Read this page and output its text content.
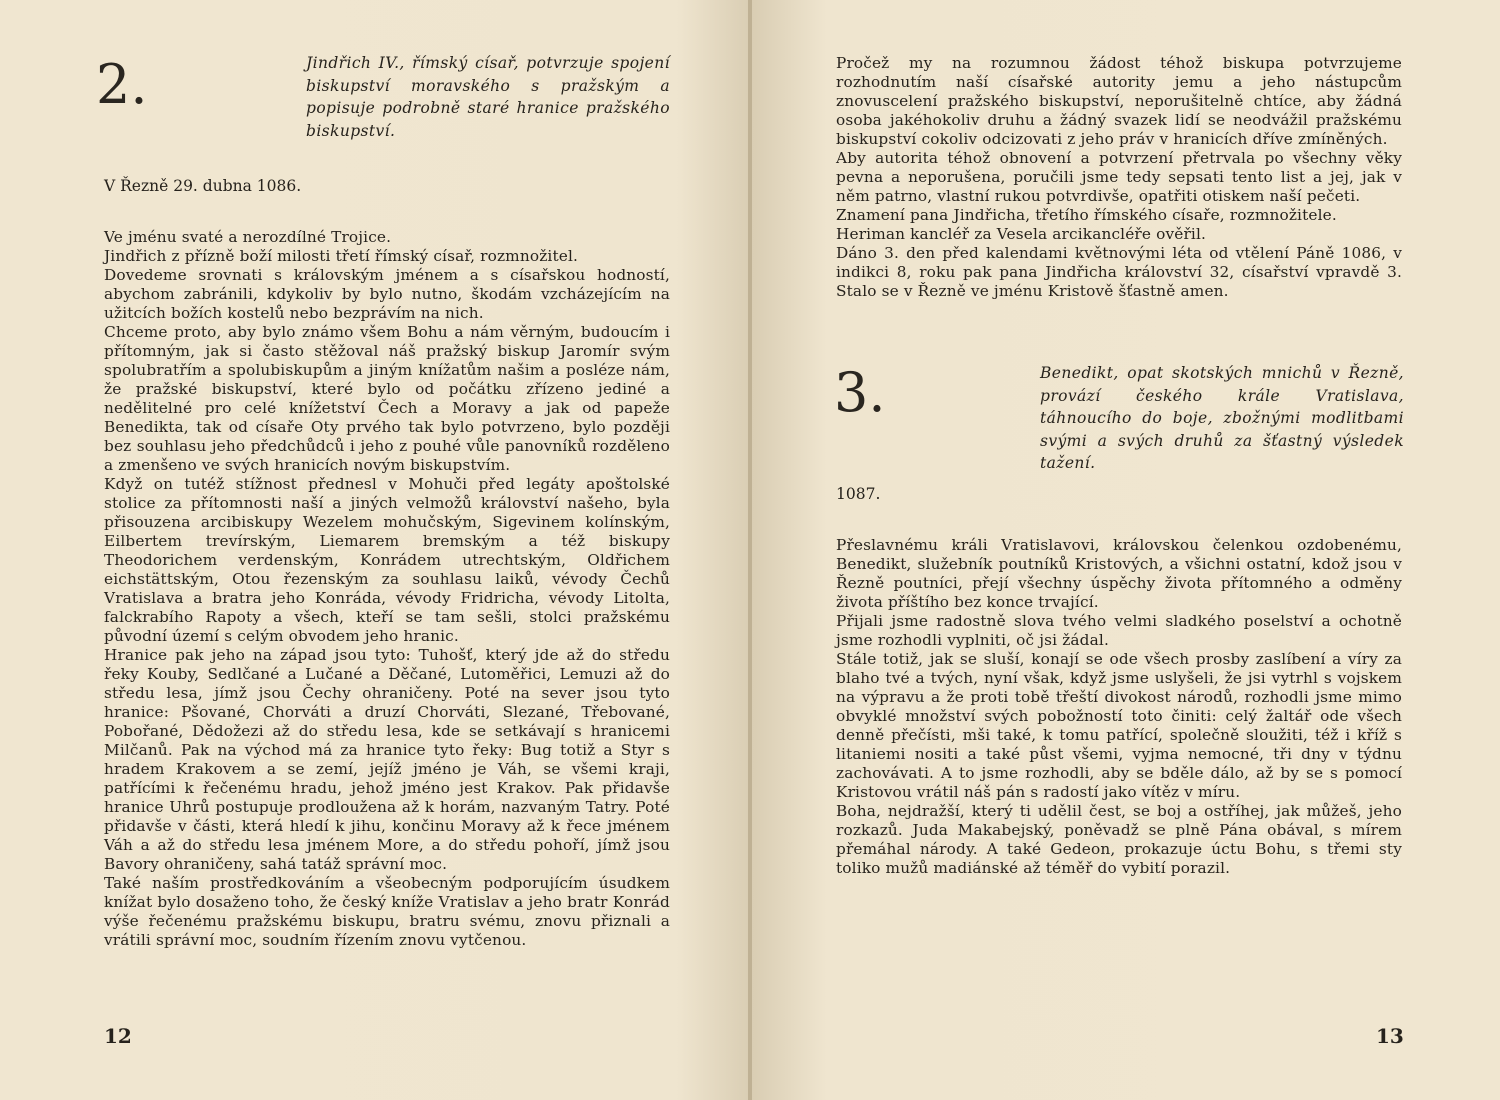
2.	Jindřich IV., římský císař, potvrzuje spojení biskupství moravského s pražským a popisuje podrobně staré hranice pražského biskupství.
V Řezně 29. dubna 1086.

Ve jménu svaté a nerozdílné Trojice.

Jindřich z přízně boží milosti třetí římský císař, rozmnožitel.

Dovedeme srovnati s královským jménem a s císařskou hodností, abychom zabránili, kdykoliv by bylo nutno, škodám vzcházejícím na užitcích božích kostelů nebo bezprávím na nich.

Chceme proto, aby bylo známo všem Bohu a nám věrným, budoucím i přítomným, jak si často stěžoval náš pražský biskup Jaromír svým spolubratřím a spolubiskupům a jiným knížatům našim a posléze nám, že pražské biskupství, které bylo od počátku zřízeno jediné a nedělitelné pro celé knížetství Čech a Moravy a jak od papeže Benedikta, tak od císaře Oty prvého tak bylo potvrzeno, bylo později bez souhlasu jeho předchůdců i jeho z pouhé vůle panovníků rozděleno a zmenšeno ve svých hranicích novým biskupstvím.

Když on tutéž stížnost přednesl v Mohuči před legáty apoštolské stolice za přítomnosti naší a jiných velmožů království našeho, byla přisouzena arcibiskupy Wezelem mohučským, Sigevinem kolínským, Eilbertem trevírským, Liemarem bremským a též biskupy Theodorichem verdenským, Konrádem utrechtským, Oldřichem eichstättským, Otou řezenským za souhlasu laiků, vévody Čechů Vratislava a bratra jeho Konráda, vévody Fridricha, vévody Litolta, falckrabího Rapoty a všech, kteří se tam sešli, stolci pražskému původní území s celým obvodem jeho hranic.

Hranice pak jeho na západ jsou tyto: Tuhošť, který jde až do středu řeky Kouby, Sedlčané a Lučané a Děčané, Lutoměřici, Lemuzi až do středu lesa, jímž jsou Čechy ohraničeny. Poté na sever jsou tyto hranice: Pšované, Chorváti a druzí Chorváti, Slezané, Třebované, Pobořané, Dědožezi až do středu lesa, kde se setkávají s hranicemi Milčanů. Pak na východ má za hranice tyto řeky: Bug totiž a Styr s hradem Krakovem a se zemí, jejíž jméno je Váh, se všemi kraji, patřícími k řečenému hradu, jehož jméno jest Krakov. Pak přidavše hranice Uhrů postupuje prodloužena až k horám, nazvaným Tatry. Poté přidavše v části, která hledí k jihu, končinu Moravy až k řece jménem Váh a až do středu lesa jménem More, a do středu pohoří, jímž jsou Bavory ohraničeny, sahá tatáž správní moc.

Také naším prostředkováním a všeobecným podporujícím úsudkem knížat bylo dosaženo toho, že český kníže Vratislav a jeho bratr Konrád výše řečenému pražskému biskupu, bratru svému, znovu přiznali a vrátili správní moc, soudním řízením znovu vytčenou.

12

Pročež my na rozumnou žádost téhož biskupa potvrzujeme rozhodnutím naší císařské autority jemu a jeho nástupcům znovuscelení pražského biskupství, neporušitelně chtíce, aby žádná osoba jakéhokoliv druhu a žádný svazek lidí se neodvážil pražskému biskupství cokoliv odcizovati z jeho práv v hranicích dříve zmíněných.

Aby autorita téhož obnovení a potvrzení přetrvala po všechny věky pevna a neporušena, poručili jsme tedy sepsati tento list a jej, jak v něm patrno, vlastní rukou potvrdivše, opatřiti otiskem naší pečeti.

Znamení pana Jindřicha, třetího římského císaře, rozmnožitele.

Heriman kancléř za Vesela arcikancléře ověřil.

Dáno 3. den před kalendami květnovými léta od vtělení Páně 1086, v indikci 8, roku pak pana Jindřicha království 32, císařství vpravdě 3. Stalo se v Řezně ve jménu Kristově šťastně amen.

3.	Benedikt, opat skotských mnichů v Řezně, provází českého krále Vratislava, táhnoucího do boje, zbožnými modlitbami svými a svých druhů za šťastný výsledek tažení.
1087.

Přeslavnému králi Vratislavovi, královskou čelenkou ozdobenému, Benedikt, služebník poutníků Kristových, a všichni ostatní, kdož jsou v Řezně poutníci, přejí všechny úspěchy života přítomného a odměny života příštího bez konce trvající.

Přijali jsme radostně slova tvého velmi sladkého poselství a ochotně jsme rozhodli vyplniti, oč jsi žádal.

Stále totiž, jak se sluší, konají se ode všech prosby zaslíbení a víry za blaho tvé a tvých, nyní však, když jsme uslyšeli, že jsi vytrhl s vojskem na výpravu a že proti tobě třeští divokost národů, rozhodli jsme mimo obvyklé množství svých pobožností toto činiti: celý žaltář ode všech denně přečísti, mši také, k tomu patřící, společně sloužiti, též i kříž s litaniemi nositi a také půst všemi, vyjma nemocné, tři dny v týdnu zachovávati. A to jsme rozhodli, aby se bděle dálo, až by se s pomocí Kristovou vrátil náš pán s radostí jako vítěz v míru.

Boha, nejdražší, který ti udělil čest, se boj a ostříhej, jak můžeš, jeho rozkazů. Juda Makabejský, poněvadž se plně Pána obával, s mírem přemáhal národy. A také Gedeon, prokazuje úctu Bohu, s třemi sty toliko mužů madiánské až téměř do vybití porazil.

13
